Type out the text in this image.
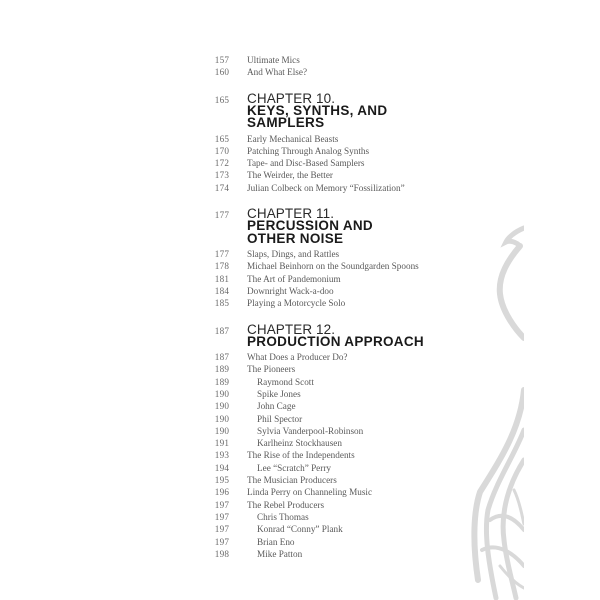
157 Ultimate Mics
160 And What Else?
165 CHAPTER 10.
KEYS, SYNTHS, AND
SAMPLERS
165 Early Mechanical Beasts
170 Patching Through Analog Synths
172 Tape- and Disc-Based Samplers
173 The Weirder, the Better
174 Julian Colbeck on Memory “Fossilization”
177 CHAPTER 11.
PERCUSSION AND
OTHER NOISE
177 Slaps, Dings, and Rattles
178 Michael Beinhorn on the Soundgarden Spoons
181 The Art of Pandemonium
184 Downright Wack-a-doo
185 Playing a Motorcycle Solo
187 CHAPTER 12.
PRODUCTION APPROACH
187 What Does a Producer Do?
189 The Pioneers
189	Raymond Scott
190	Spike Jones
190	John Cage
190	Phil Spector
190	Sylvia Vanderpool-Robinson
191	Karlheinz Stockhausen
193 The Rise of the Independents
194	Lee “Scratch” Perry
195 The Musician Producers
196 Linda Perry on Channeling Music
197 The Rebel Producers
197	Chris Thomas
197	Konrad “Conny” Plank
197	Brian Eno
198	Mike Patton
